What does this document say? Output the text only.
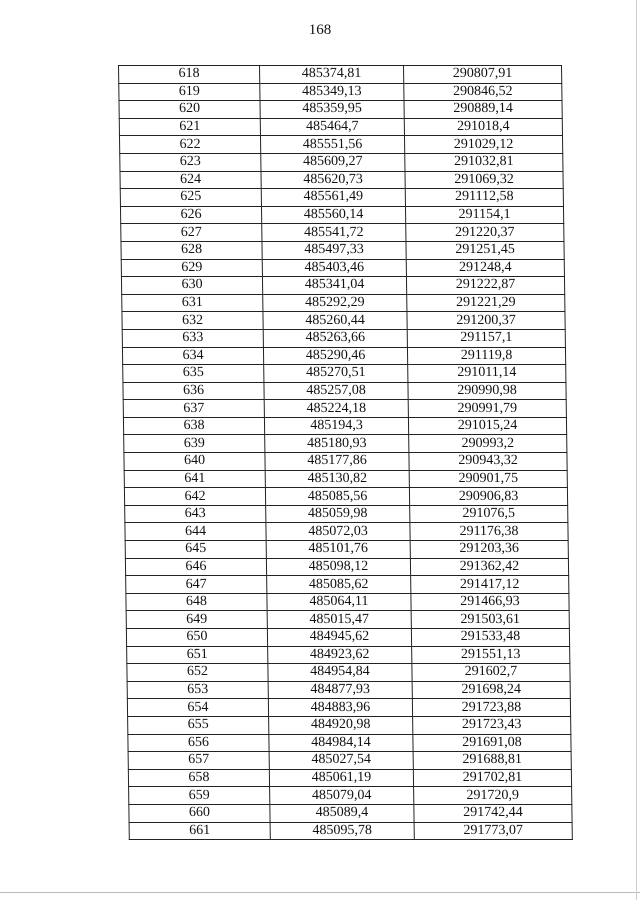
168
618	485374,81	290807,91
619	485349,13	290846,52
620	485359,95	290889,14
621	485464,7	291018,4
622	485551,56	291029,12
623	485609,27	291032,81
624	485620,73	291069,32
625	485561,49	291112,58
626	485560,14	291154,1
627	485541,72	291220,37
628	485497,33	291251,45
629	485403,46	291248,4
630	485341,04	291222,87
631	485292,29	291221,29
632	485260,44	291200,37
633	485263,66	291157,1
634	485290,46	291119,8
635	485270,51	291011,14
636	485257,08	290990,98
637	485224,18	290991,79
638	485194,3	291015,24
639	485180,93	290993,2
640	485177,86	290943,32
641	485130,82	290901,75
642	485085,56	290906,83
643	485059,98	291076,5
644	485072,03	291176,38
645	485101,76	291203,36
646	485098,12	291362,42
647	485085,62	291417,12
648	485064,11	291466,93
649	485015,47	291503,61
650	484945,62	291533,48
651	484923,62	291551,13
652	484954,84	291602,7
653	484877,93	291698,24
654	484883,96	291723,88
655	484920,98	291723,43
656	484984,14	291691,08
657	485027,54	291688,81
658	485061,19	291702,81
659	485079,04	291720,9
660	485089,4	291742,44
661	485095,78	291773,07
